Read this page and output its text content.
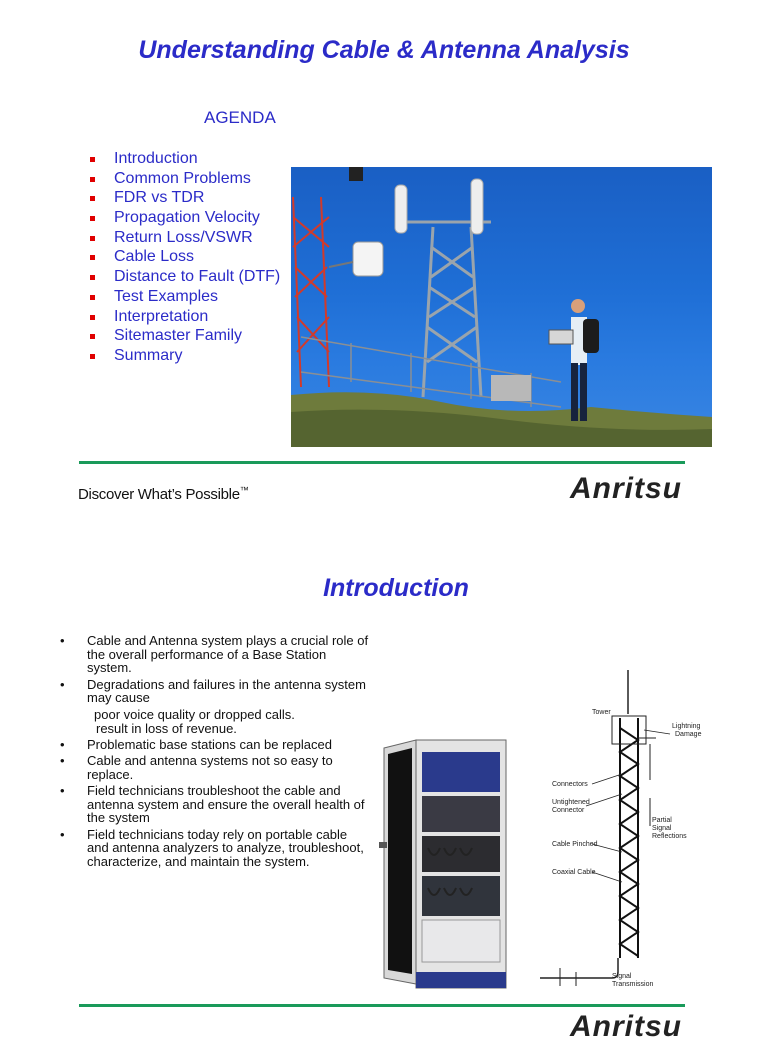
Understanding Cable & Antenna Analysis
AGENDA
Introduction
Common Problems
FDR vs TDR
Propagation Velocity
Return Loss/VSWR
Cable Loss
Distance to Fault (DTF)
Test Examples
Interpretation
Sitemaster Family
Summary
Discover What’s Possible™	Anritsu
Introduction
• Cable and Antenna system plays a crucial role of the overall performance of a Base Station system.
• Degradations and failures in the antenna system may cause
poor voice quality or dropped calls.
result in loss of revenue.
• Problematic base stations can be replaced
• Cable and antenna systems not so easy to replace.
• Field technicians troubleshoot the cable and antenna system and ensure the overall health of the system
• Field technicians today rely on portable cable and antenna analyzers to analyze, troubleshoot, characterize, and maintain the system.
Tower
Lightning Damage
Connectors
Untightened Connector
Partial Signal Reflections
Cable Pinched
Coaxial Cable
Signal Transmission
Anritsu
